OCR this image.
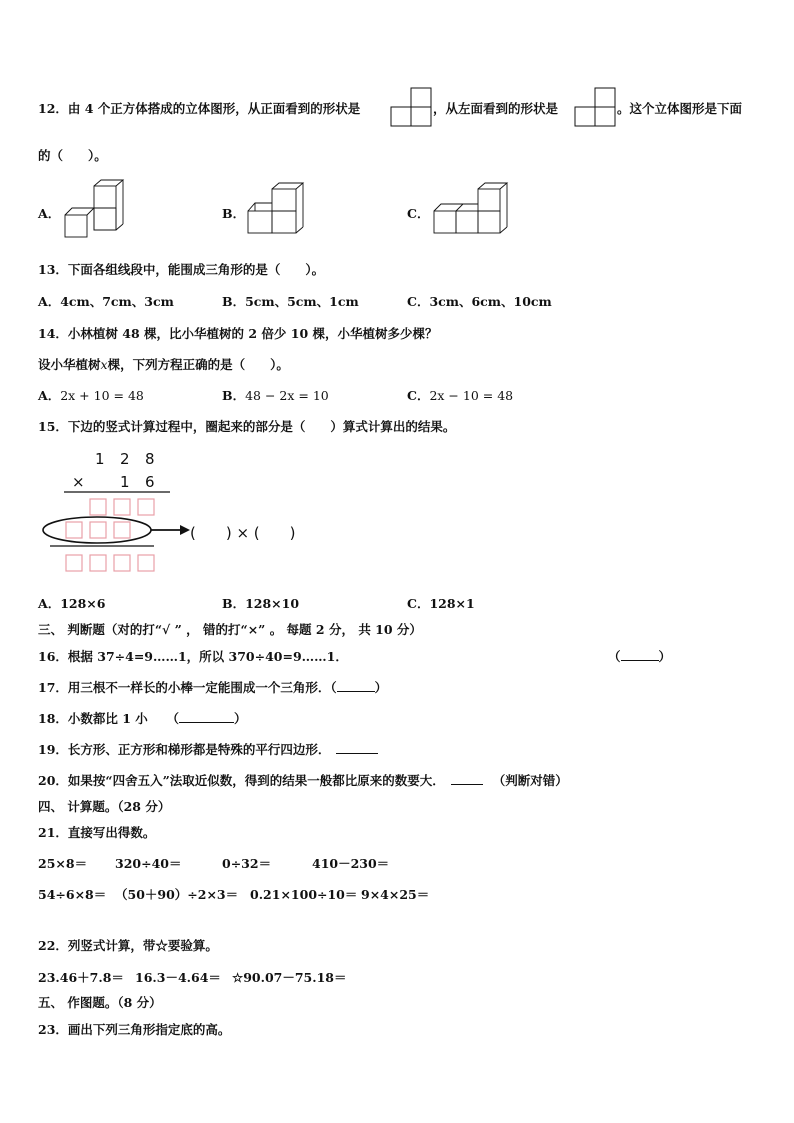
12．由 4 个正方体搭成的立体图形，从正面看到的形状是	，从左面看到的形状是	。这个立体图形是下面
的（　　）。
A．	B．	C．
13．下面各组线段中，能围成三角形的是（　　）。
A．4cm、7cm、3cm	B．5cm、5cm、1cm	C．3cm、6cm、10cm
14．小林植树 48 棵，比小华植树的 2 倍少 10 棵，小华植树多少棵？
设小华植树x棵，下列方程正确的是（　　）。
A．2x + 10 = 48	B．48 − 2x = 10	C．2x − 10 = 48
15．下边的竖式计算过程中，圈起来的部分是（　　）算式计算出的结果。
1 2 8
× 1 6
(　　) × (　　)
A．128×6	B．128×10	C．128×1
三、 判断题（对的打“√ ” ， 错的打“×” 。 每题 2 分， 共 10 分）
16．根据 37÷4=9……1，所以 370÷40=9……1．	（	）
17．用三根不一样长的小棒一定能围成一个三角形．（	）
18．小数都比 1 小　　（	）
19．长方形、正方形和梯形都是特殊的平行四边形．
20．如果按“四舍五入”法取近似数，得到的结果一般都比原来的数要大．	（判断对错）
四、 计算题。（28 分）
21．直接写出得数。
25×8＝ 320÷40＝	0÷32＝	410－230＝
54÷6×8＝ （50＋90）÷2×3＝ 0.21×100÷10＝ 9×4×25＝
22．列竖式计算，带☆要验算。
23.46＋7.8＝ 16.3－4.64＝ ☆90.07－75.18＝
五、 作图题。（8 分）
23．画出下列三角形指定底的高。
